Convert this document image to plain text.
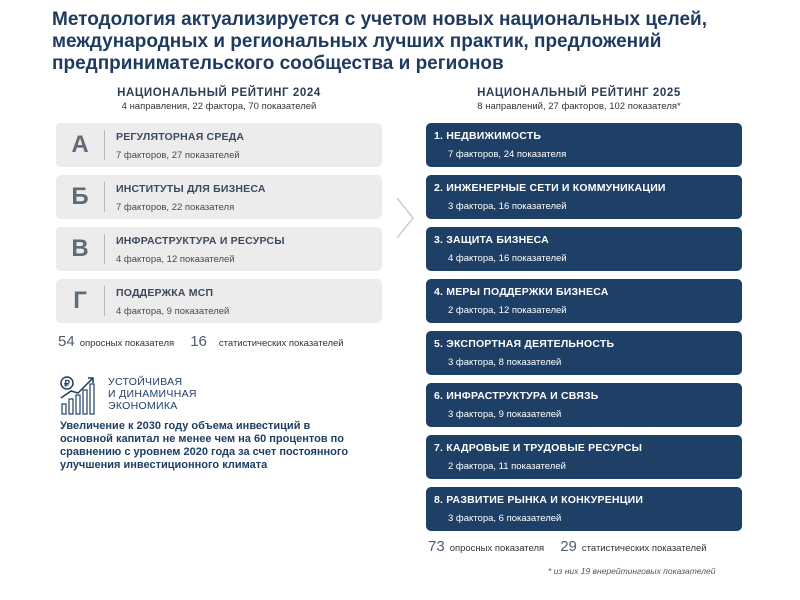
Методология актуализируется с учетом новых национальных целей, международных и региональных лучших практик, предложений предпринимательского сообщества и регионов
НАЦИОНАЛЬНЫЙ РЕЙТИНГ 2024
4 направления, 22 фактора, 70 показателей
НАЦИОНАЛЬНЫЙ РЕЙТИНГ 2025
8 направлений, 27 факторов, 102 показателя*
А	РЕГУЛЯТОРНАЯ СРЕДА
7 факторов, 27 показателей
Б	ИНСТИТУТЫ ДЛЯ БИЗНЕСА
7 факторов, 22 показателя
В	ИНФРАСТРУКТУРА И РЕСУРСЫ
4 фактора, 12 показателей
Г	ПОДДЕРЖКА МСП
4 фактора, 9 показателей
54 опросных показателя 16 статистических показателей
1. НЕДВИЖИМОСТЬ
7 факторов, 24 показателя
2. ИНЖЕНЕРНЫЕ СЕТИ И КОММУНИКАЦИИ
3 фактора, 16 показателей
3. ЗАЩИТА БИЗНЕСА
4 фактора, 16 показателей
4. МЕРЫ ПОДДЕРЖКИ БИЗНЕСА
2 фактора, 12 показателей
5. ЭКСПОРТНАЯ ДЕЯТЕЛЬНОСТЬ
3 фактора, 8 показателей
6. ИНФРАСТРУКТУРА И СВЯЗЬ
3 фактора, 9 показателей
7. КАДРОВЫЕ И ТРУДОВЫЕ РЕСУРСЫ
2 фактора, 11 показателей
8. РАЗВИТИЕ РЫНКА И КОНКУРЕНЦИИ
3 фактора, 6 показателей
73 опросных показателя 29 статистических показателей
* из них 19 внерейтинговых показателей
₽	УСТОЙЧИВАЯ
И ДИНАМИЧНАЯ
ЭКОНОМИКА
Увеличение к 2030 году объема инвестиций в основной капитал не менее чем на 60 процентов по сравнению с уровнем 2020 года за счет постоянного улучшения инвестиционного климата
